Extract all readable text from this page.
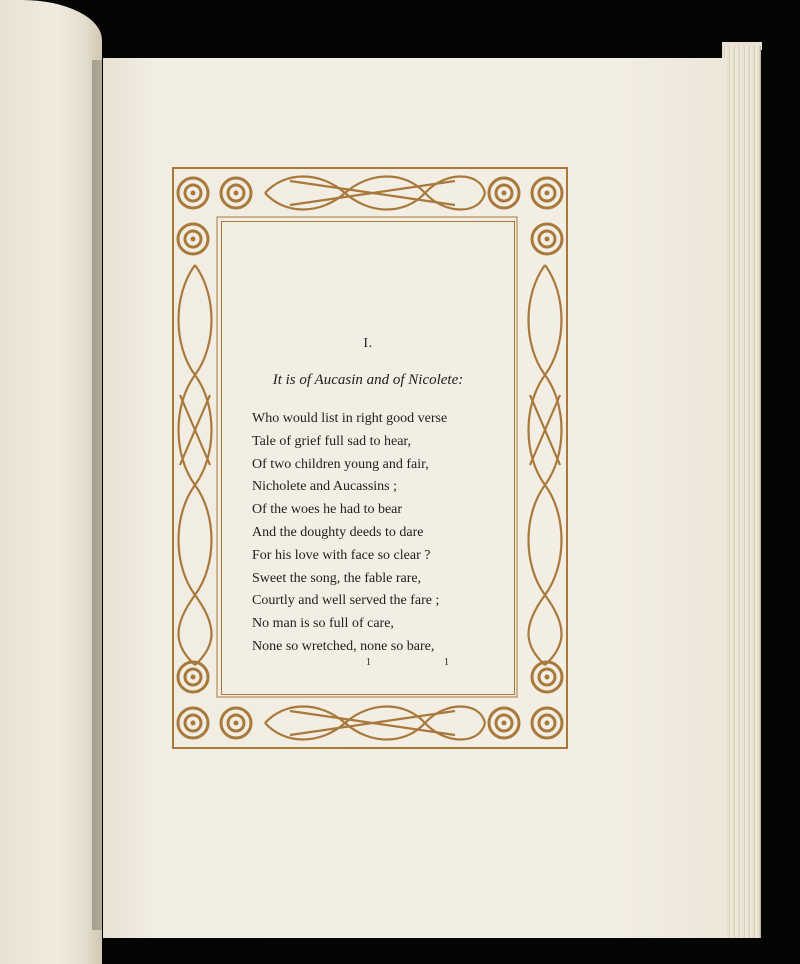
I.
It is of Aucasin and of Nicolete:
Who would list in right good verse
Tale of grief full sad to hear,
Of two children young and fair,
Nicholete and Aucassins ;
Of the woes he had to bear
And the doughty deeds to dare
For his love with face so clear ?
Sweet the song, the fable rare,
Courtly and well served the fare ;
No man is so full of care,
None so wretched, none so bare,
1	1
